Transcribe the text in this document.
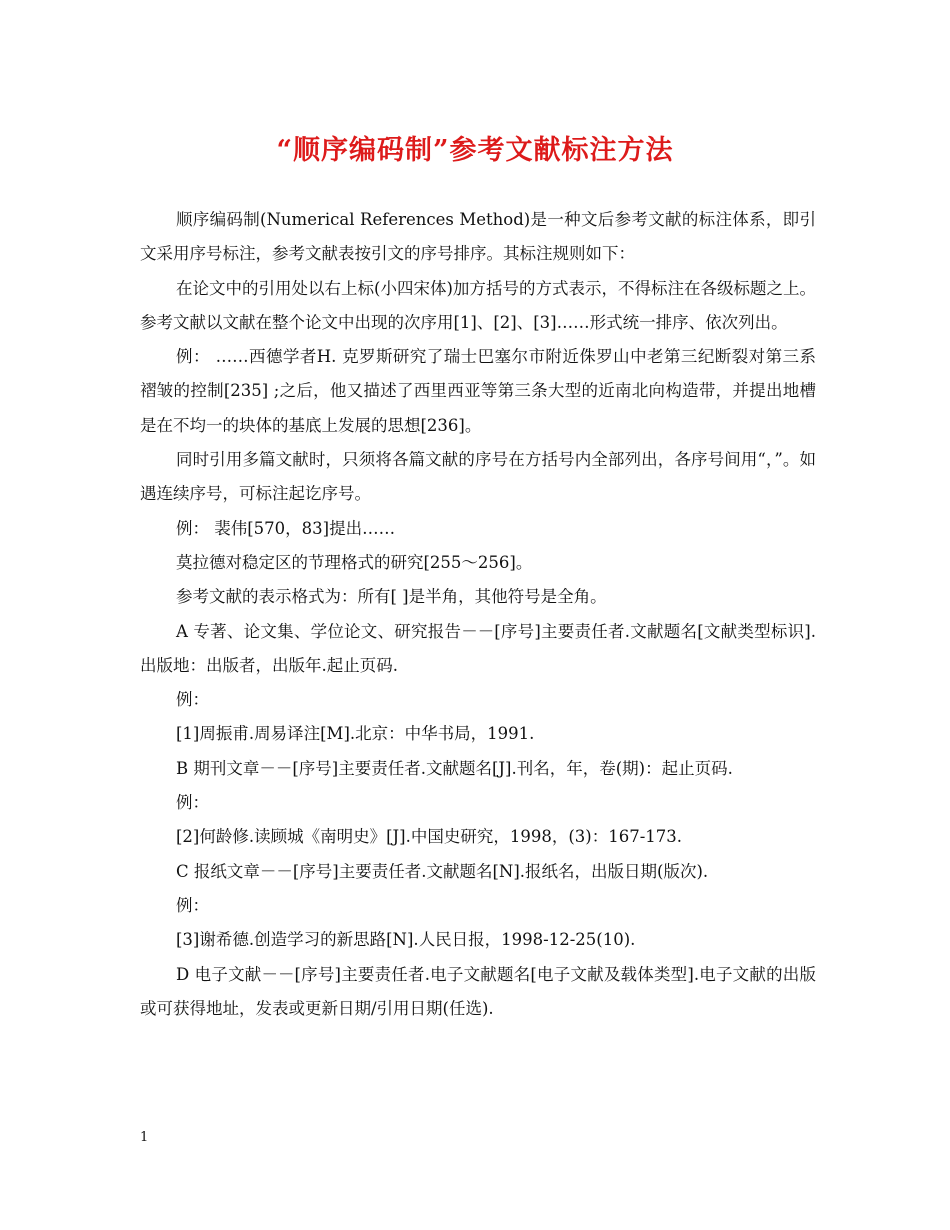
“顺序编码制”参考文献标注方法

顺序编码制(Numerical References Method)是一种文后参考文献的标注体系，即引文采用序号标注，参考文献表按引文的序号排序。其标注规则如下：

在论文中的引用处以右上标(小四宋体)加方括号的方式表示，不得标注在各级标题之上。参考文献以文献在整个论文中出现的次序用[1]、[2]、[3]……形式统一排序、依次列出。

例： ……西德学者H. 克罗斯研究了瑞士巴塞尔市附近侏罗山中老第三纪断裂对第三系褶皱的控制[235] ;之后，他又描述了西里西亚等第三条大型的近南北向构造带，并提出地槽是在不均一的块体的基底上发展的思想[236]。

同时引用多篇文献时，只须将各篇文献的序号在方括号内全部列出，各序号间用“，”。如遇连续序号，可标注起讫序号。

例： 裴伟[570，83]提出……

莫拉德对稳定区的节理格式的研究[255～256]。

参考文献的表示格式为：所有[ ]是半角，其他符号是全角。

A 专著、论文集、学位论文、研究报告－－[序号]主要责任者.文献题名[文献类型标识].出版地：出版者，出版年.起止页码.

例：

[1]周振甫.周易译注[M].北京：中华书局，1991.

B 期刊文章－－[序号]主要责任者.文献题名[J].刊名，年，卷(期)：起止页码.

例：

[2]何龄修.读顾城《南明史》[J].中国史研究，1998，(3)：167-173.

C 报纸文章－－[序号]主要责任者.文献题名[N].报纸名，出版日期(版次).

例：

[3]谢希德.创造学习的新思路[N].人民日报，1998-12-25(10).

D 电子文献－－[序号]主要责任者.电子文献题名[电子文献及载体类型].电子文献的出版或可获得地址，发表或更新日期/引用日期(任选).

1
